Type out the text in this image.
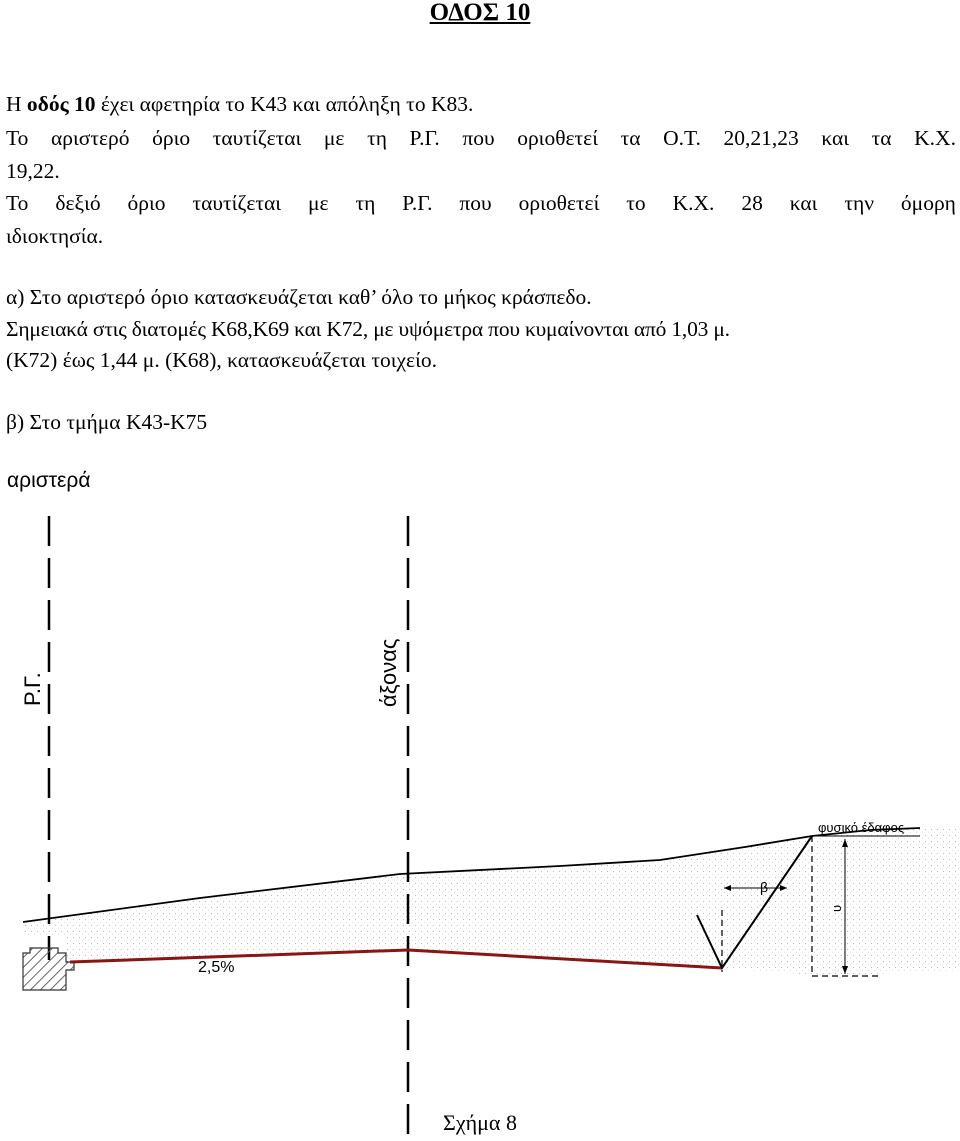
ΟΔΟΣ 10
Η οδός 10 έχει αφετηρία το Κ43 και απόληξη το Κ83.
Το αριστερό όριο ταυτίζεται με τη Ρ.Γ. που οριοθετεί τα Ο.Τ. 20,21,23 και τα Κ.Χ.
19,22.
Το δεξιό όριο ταυτίζεται με τη Ρ.Γ. που οριοθετεί το Κ.Χ. 28 και την όμορη
ιδιοκτησία.
α) Στο αριστερό όριο κατασκευάζεται καθ’ όλο το μήκος κράσπεδο.
Σημειακά στις διατομές Κ68,Κ69 και Κ72, με υψόμετρα που κυμαίνονται από 1,03 μ.
(Κ72) έως 1,44 μ. (Κ68), κατασκευάζεται τοιχείο.
β) Στο τμήμα Κ43-Κ75
αριστερά
Ρ.Γ.	άξονας
φυσικό έδαφος
2,5%
β
υ
Σχήμα 8
